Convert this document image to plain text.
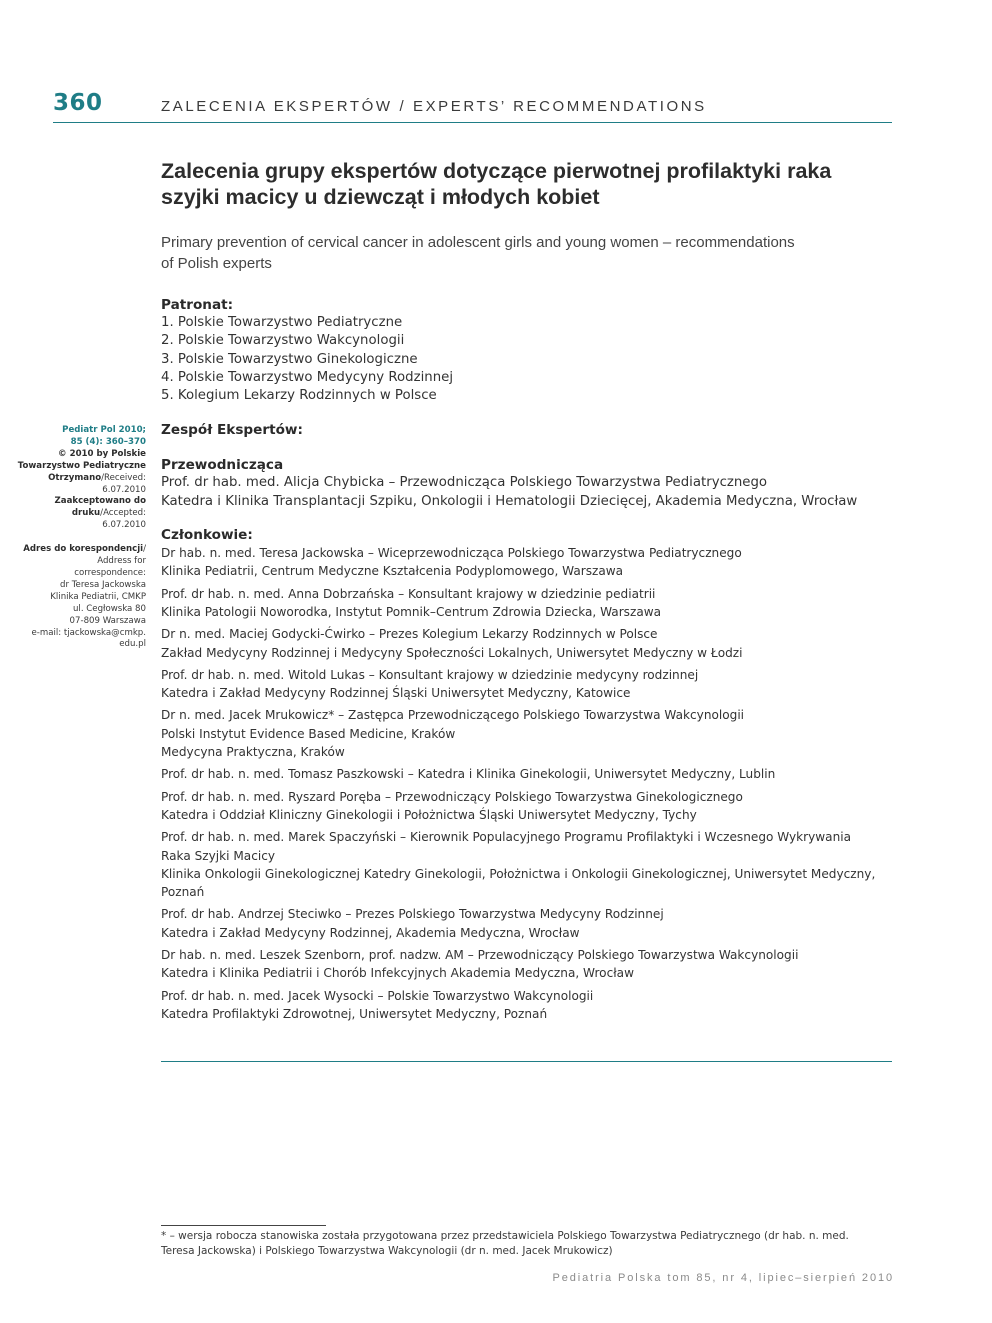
360	ZALECENIA EKSPERTÓW / EXPERTS’ RECOMMENDATIONS
Zalecenia grupy ekspertów dotyczące pierwotnej profilaktyki raka
szyjki macicy u dziewcząt i młodych kobiet

Primary prevention of cervical cancer in adolescent girls and young women – recommendations
of Polish experts

Patronat:
1. Polskie Towarzystwo Pediatryczne
2. Polskie Towarzystwo Wakcynologii
3. Polskie Towarzystwo Ginekologiczne
4. Polskie Towarzystwo Medycyny Rodzinnej
5. Kolegium Lekarzy Rodzinnych w Polsce
Zespół Ekspertów:
Przewodnicząca
Prof. dr hab. med. Alicja Chybicka – Przewodnicząca Polskiego Towarzystwa Pediatrycznego
Katedra i Klinika Transplantacji Szpiku, Onkologii i Hematologii Dziecięcej, Akademia Medyczna, Wrocław
Członkowie:
Dr hab. n. med. Teresa Jackowska – Wiceprzewodnicząca Polskiego Towarzystwa Pediatrycznego
Klinika Pediatrii, Centrum Medyczne Kształcenia Podyplomowego, Warszawa
Prof. dr hab. n. med. Anna Dobrzańska – Konsultant krajowy w dziedzinie pediatrii
Klinika Patologii Noworodka, Instytut Pomnik–Centrum Zdrowia Dziecka, Warszawa
Dr n. med. Maciej Godycki-Ćwirko – Prezes Kolegium Lekarzy Rodzinnych w Polsce
Zakład Medycyny Rodzinnej i Medycyny Społeczności Lokalnych, Uniwersytet Medyczny w Łodzi
Prof. dr hab. n. med. Witold Lukas – Konsultant krajowy w dziedzinie medycyny rodzinnej
Katedra i Zakład Medycyny Rodzinnej Śląski Uniwersytet Medyczny, Katowice
Dr n. med. Jacek Mrukowicz* – Zastępca Przewodniczącego Polskiego Towarzystwa Wakcynologii
Polski Instytut Evidence Based Medicine, Kraków
Medycyna Praktyczna, Kraków
Prof. dr hab. n. med. Tomasz Paszkowski – Katedra i Klinika Ginekologii, Uniwersytet Medyczny, Lublin
Prof. dr hab. n. med. Ryszard Poręba – Przewodniczący Polskiego Towarzystwa Ginekologicznego
Katedra i Oddział Kliniczny Ginekologii i Położnictwa Śląski Uniwersytet Medyczny, Tychy
Prof. dr hab. n. med. Marek Spaczyński – Kierownik Populacyjnego Programu Profilaktyki i Wczesnego Wykrywania
Raka Szyjki Macicy
Klinika Onkologii Ginekologicznej Katedry Ginekologii, Położnictwa i Onkologii Ginekologicznej, Uniwersytet Medyczny,
Poznań
Prof. dr hab. Andrzej Steciwko – Prezes Polskiego Towarzystwa Medycyny Rodzinnej
Katedra i Zakład Medycyny Rodzinnej, Akademia Medyczna, Wrocław
Dr hab. n. med. Leszek Szenborn, prof. nadzw. AM – Przewodniczący Polskiego Towarzystwa Wakcynologii
Katedra i Klinika Pediatrii i Chorób Infekcyjnych Akademia Medyczna, Wrocław
Prof. dr hab. n. med. Jacek Wysocki – Polskie Towarzystwo Wakcynologii
Katedra Profilaktyki Zdrowotnej, Uniwersytet Medyczny, Poznań
Pediatr Pol 2010;
85 (4): 360–370
© 2010 by Polskie
Towarzystwo Pediatryczne
Otrzymano/Received:
6.07.2010
Zaakceptowano do
druku/Accepted:
6.07.2010
Adres do korespondencji/
Address for
correspondence:
dr Teresa Jackowska
Klinika Pediatrii, CMKP
ul. Cegłowska 80
07-809 Warszawa
e-mail: tjackowska@cmkp.
edu.pl

* – wersja robocza stanowiska została przygotowana przez przedstawiciela Polskiego Towarzystwa Pediatrycznego (dr hab. n. med.
Teresa Jackowska) i Polskiego Towarzystwa Wakcynologii (dr n. med. Jacek Mrukowicz)

Pediatria Polska tom 85, nr 4, lipiec–sierpień 2010
